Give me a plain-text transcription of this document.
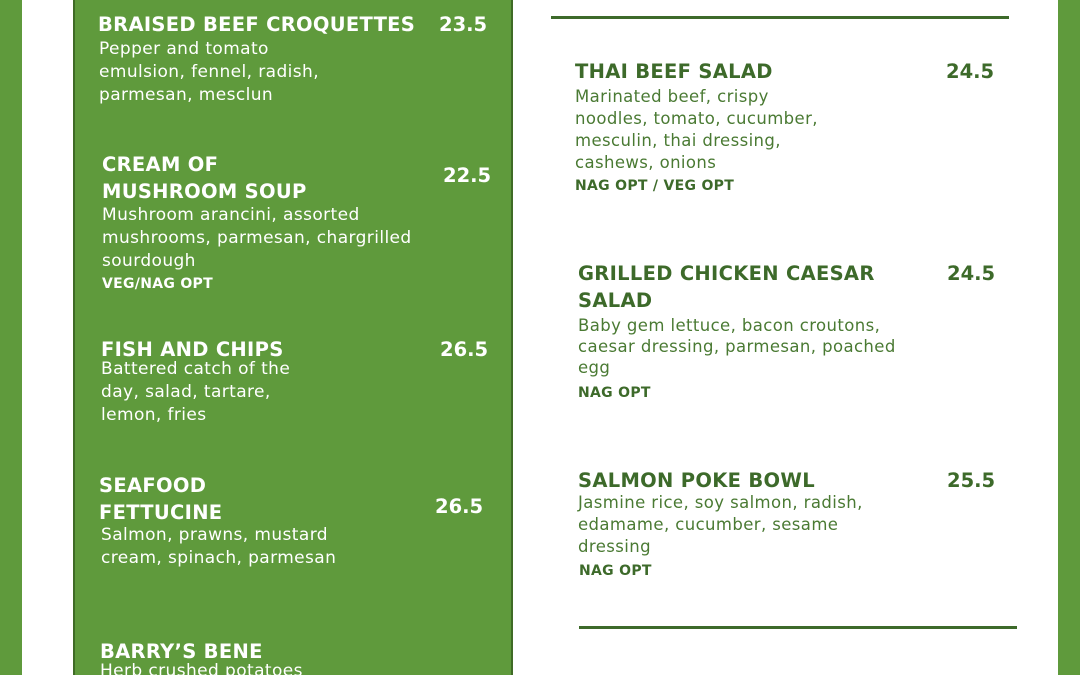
BRAISED BEEF CROQUETTES 23.5
Pepper and tomato emulsion, fennel, radish, parmesan, mesclun
CREAM OF MUSHROOM SOUP
22.5
Mushroom arancini, assorted mushrooms, parmesan, chargrilled sourdough
VEG/NAG OPT
FISH AND CHIPS	26.5
Battered catch of the day, salad, tartare, lemon, fries
SEAFOOD FETTUCINE	26.5
Salmon, prawns, mustard cream, spinach, parmesan
BARRY’S BENE
Herb crushed potatoes
THAI BEEF SALAD	24.5
Marinated beef, crispy noodles, tomato, cucumber, mesculin, thai dressing, cashews, onions
NAG OPT / VEG OPT
GRILLED CHICKEN CAESAR SALAD
24.5
Baby gem lettuce, bacon croutons, caesar dressing, parmesan, poached egg
NAG OPT
SALMON POKE BOWL	25.5
Jasmine rice, soy salmon, radish, edamame, cucumber, sesame dressing
NAG OPT
